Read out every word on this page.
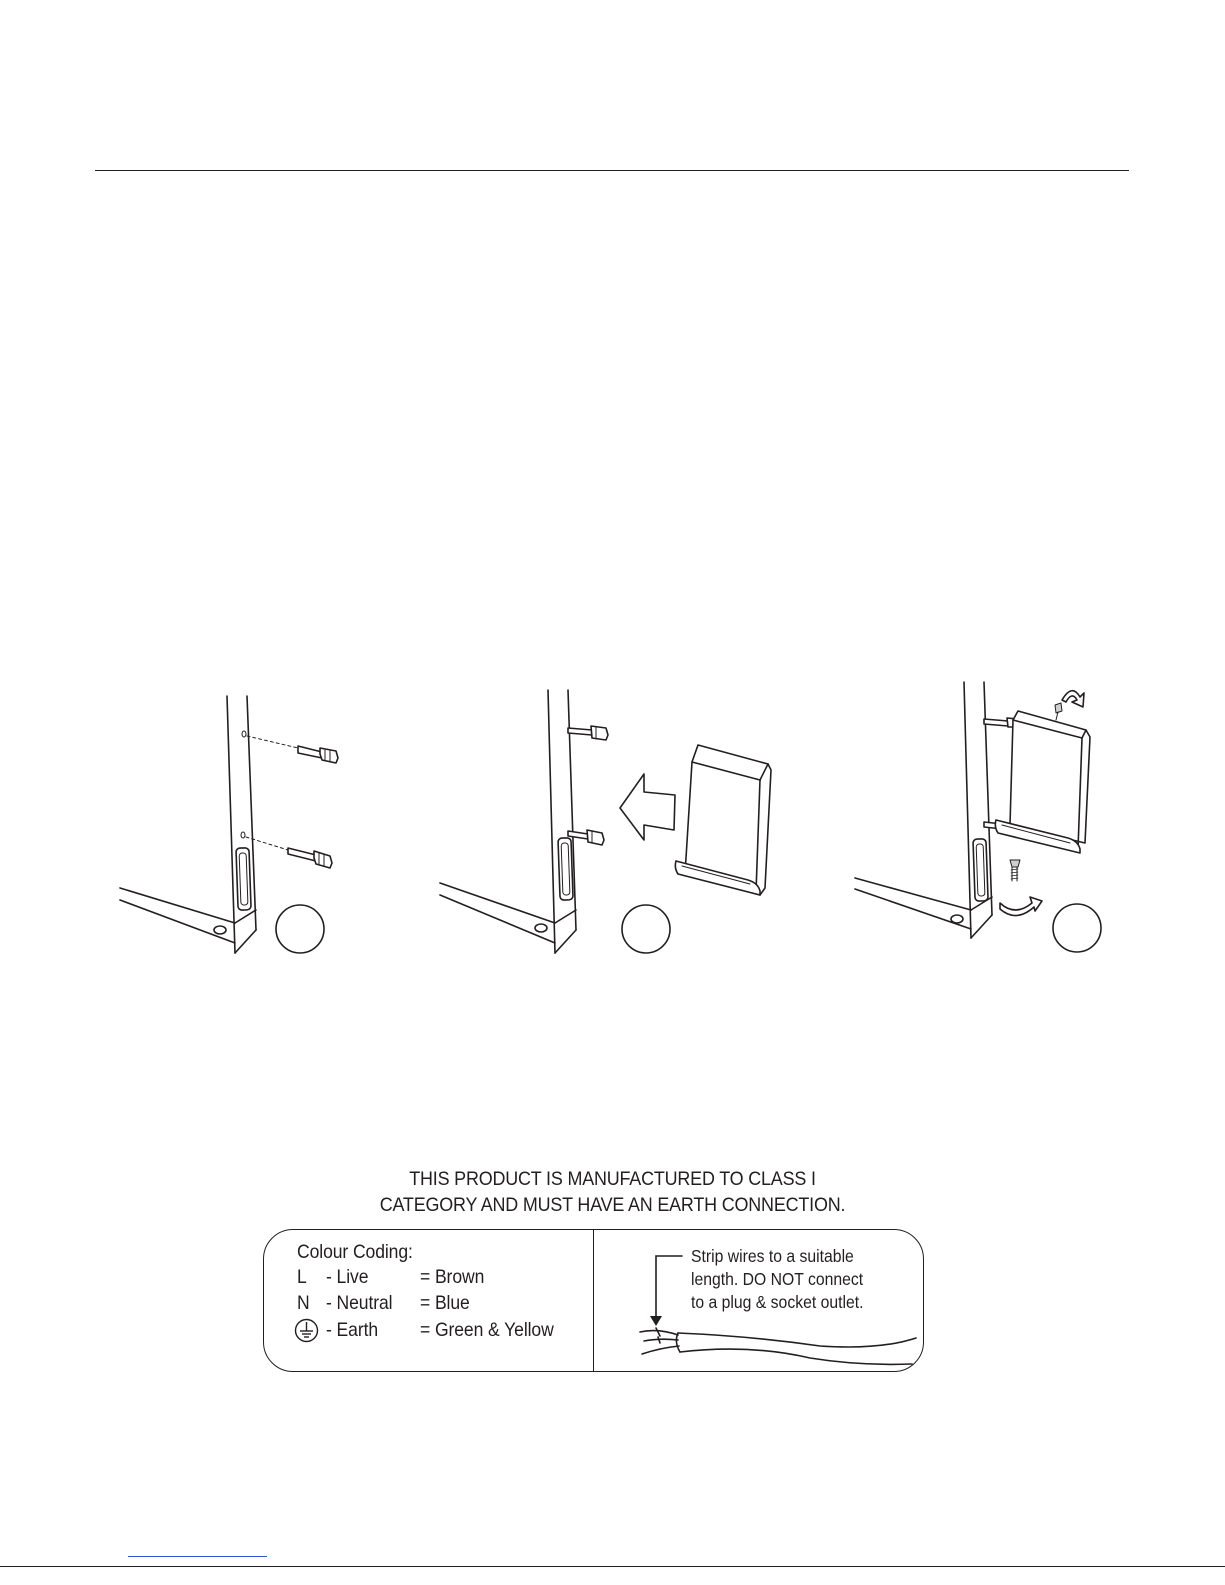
THIS PRODUCT IS MANUFACTURED TO CLASS I
CATEGORY AND MUST HAVE AN EARTH CONNECTION.
Colour Coding:
L - Live	= Brown
N - Neutral = Blue
- Earth = Green & Yellow
Strip wires to a suitable
length. DO NOT connect
to a plug & socket outlet.
